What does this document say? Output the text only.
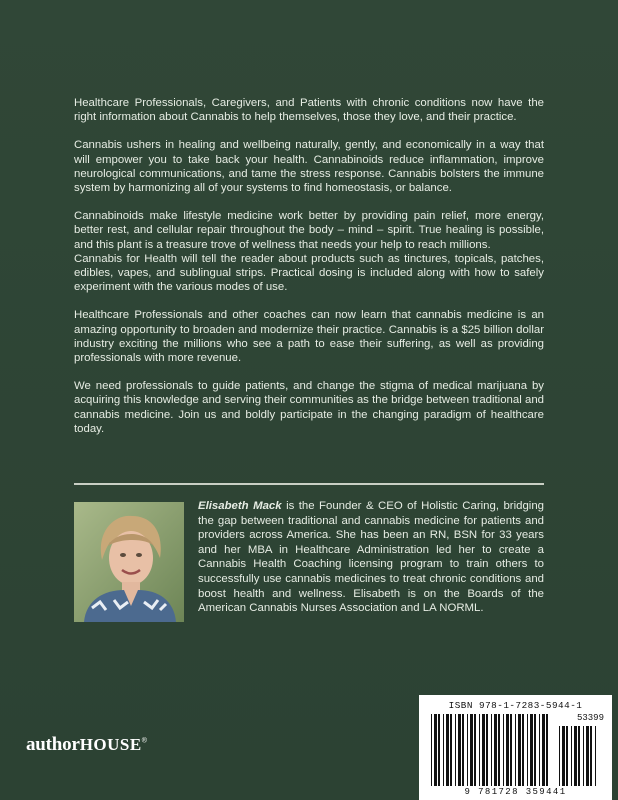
Healthcare Professionals, Caregivers, and Patients with chronic conditions now have the right information about Cannabis to help themselves, those they love, and their practice.

Cannabis ushers in healing and wellbeing naturally, gently, and economically in a way that will empower you to take back your health. Cannabinoids reduce inflammation, improve neurological communications, and tame the stress response. Cannabis bolsters the immune system by harmonizing all of your systems to find homeostasis, or balance.

Cannabinoids make lifestyle medicine work better by providing pain relief, more energy, better rest, and cellular repair throughout the body – mind – spirit. True healing is possible, and this plant is a treasure trove of wellness that needs your help to reach millions.

Cannabis for Health will tell the reader about products such as tinctures, topicals, patches, edibles, vapes, and sublingual strips. Practical dosing is included along with how to safely experiment with the various modes of use.

Healthcare Professionals and other coaches can now learn that cannabis medicine is an amazing opportunity to broaden and modernize their practice. Cannabis is a $25 billion dollar industry exciting the millions who see a path to ease their suffering, as well as providing professionals with more revenue.

We need professionals to guide patients, and change the stigma of medical marijuana by acquiring this knowledge and serving their communities as the bridge between traditional and cannabis medicine. Join us and boldly participate in the changing paradigm of healthcare today.

Elisabeth Mack is the Founder & CEO of Holistic Caring, bridging the gap between traditional and cannabis medicine for patients and providers across America. She has been an RN, BSN for 33 years and her MBA in Healthcare Administration led her to create a Cannabis Health Coaching licensing program to train others to successfully use cannabis medicines to treat chronic conditions and boost health and wellness. Elisabeth is on the Boards of the American Cannabis Nurses Association and LA NORML.
authorHOUSE®
ISBN 978-1-7283-5944-1
53399
9 781728 359441
